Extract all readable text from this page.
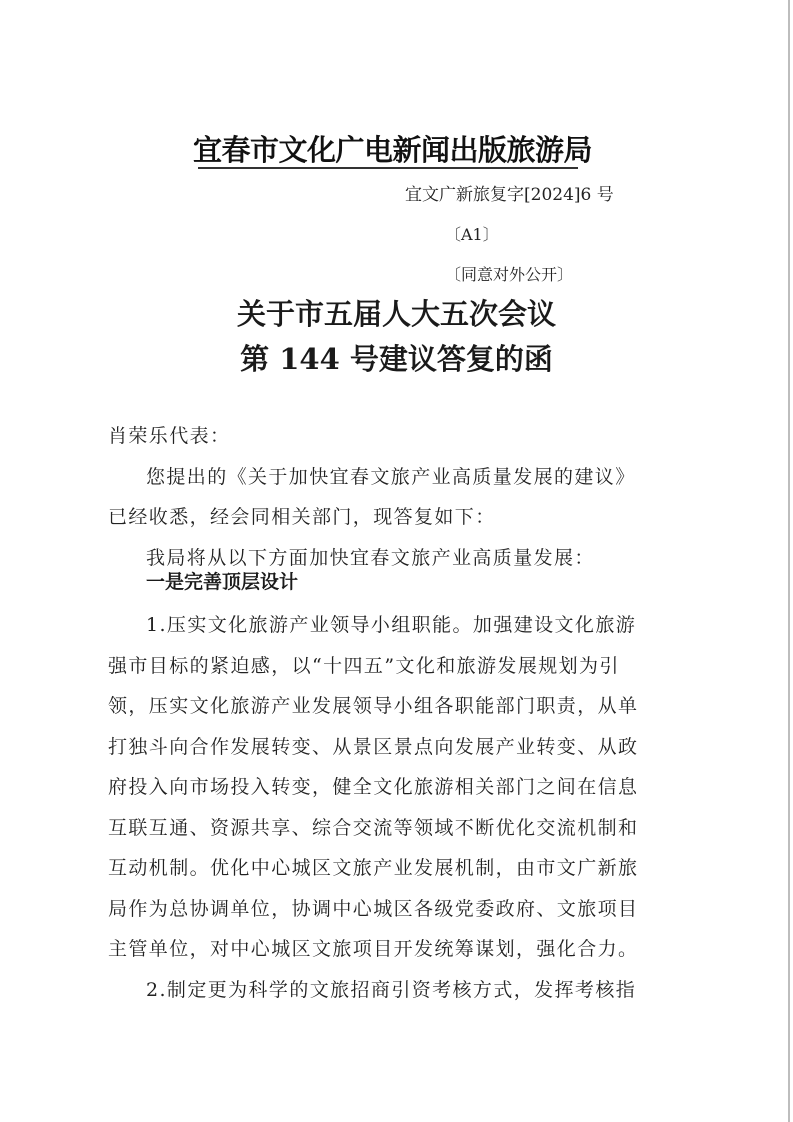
宜春市文化广电新闻出版旅游局
宜文广新旅复字[2024]6 号
〔A1〕
〔同意对外公开〕
关于市五届人大五次会议
第 144 号建议答复的函
肖荣乐代表：
您提出的《关于加快宜春文旅产业高质量发展的建议》
已经收悉，经会同相关部门，现答复如下：
我局将从以下方面加快宜春文旅产业高质量发展：
一是完善顶层设计
1.压实文化旅游产业领导小组职能。加强建设文化旅游
强市目标的紧迫感，以“十四五”文化和旅游发展规划为引
领，压实文化旅游产业发展领导小组各职能部门职责，从单
打独斗向合作发展转变、从景区景点向发展产业转变、从政
府投入向市场投入转变，健全文化旅游相关部门之间在信息
互联互通、资源共享、综合交流等领域不断优化交流机制和
互动机制。优化中心城区文旅产业发展机制，由市文广新旅
局作为总协调单位，协调中心城区各级党委政府、文旅项目
主管单位，对中心城区文旅项目开发统筹谋划，强化合力。
2.制定更为科学的文旅招商引资考核方式，发挥考核指
